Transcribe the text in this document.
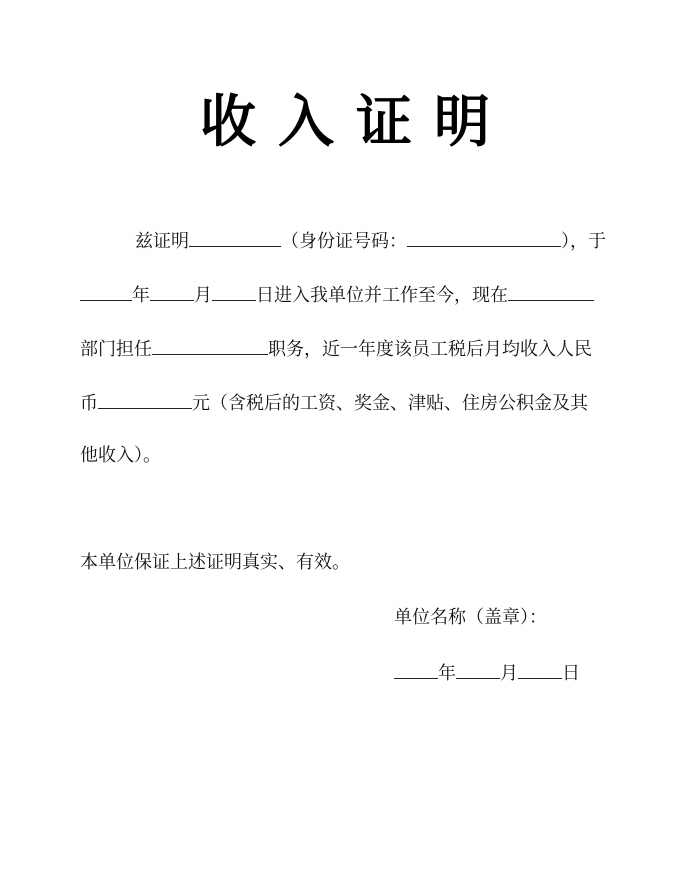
收入证明
兹证明	（身份证号码：	），于
年 月 日进入我单位并工作至今，现在
部门担任	职务，近一年度该员工税后月均收入人民
币	元（含税后的工资、奖金、津贴、住房公积金及其
他收入）。
本单位保证上述证明真实、有效。
单位名称（盖章）：
年 月 日
